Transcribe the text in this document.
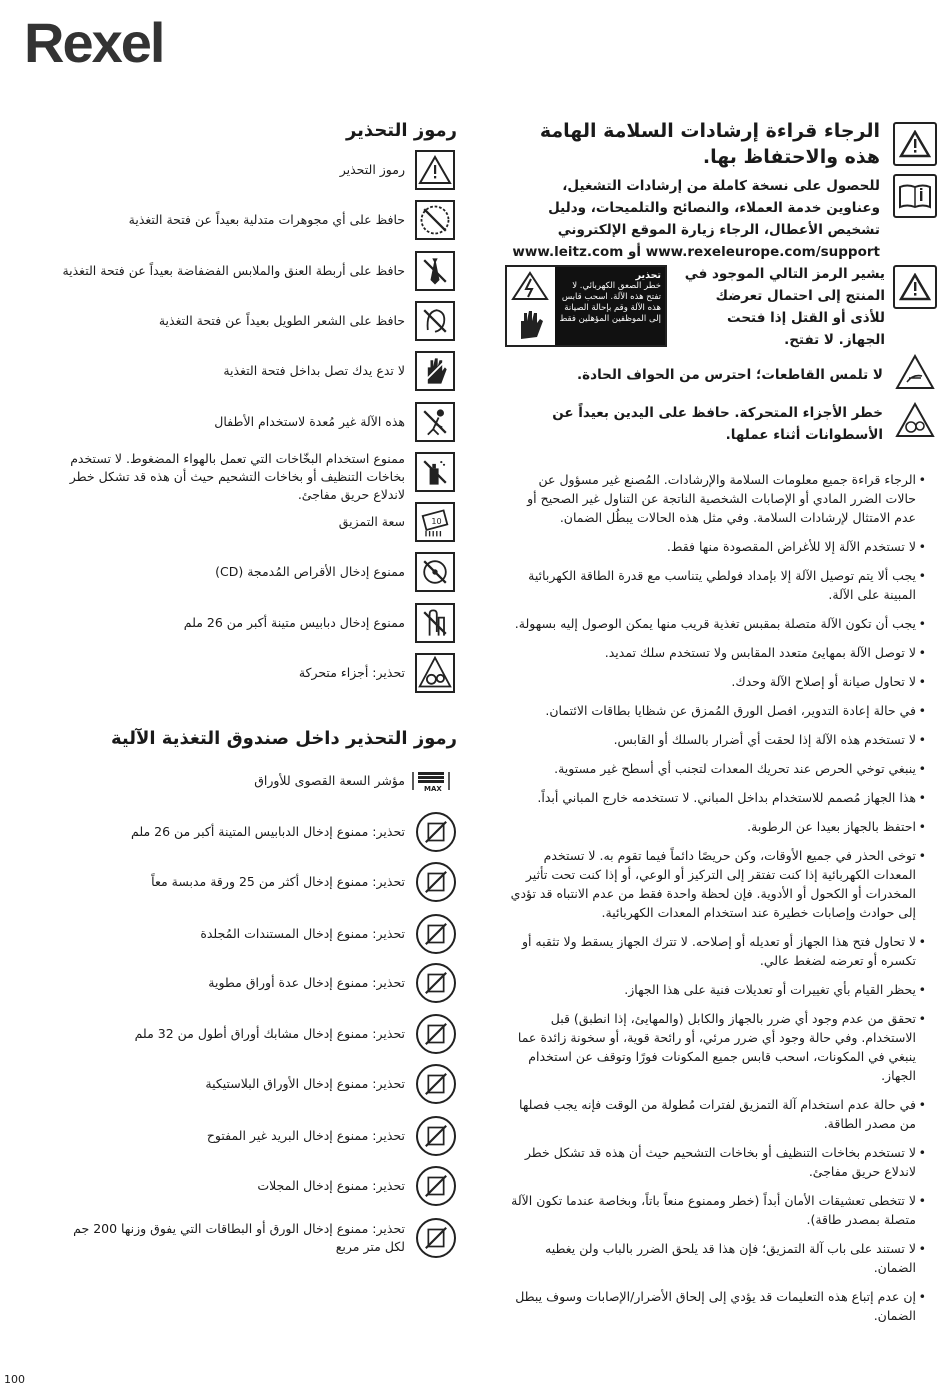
Rexel
الرجاء قراءة إرشادات السلامة الهامة هذه والاحتفاظ بها.
للحصول على نسخة كاملة من إرشادات التشغيل، وعناوين خدمة العملاء، والنصائح والتلميحات، ودليل تشخيص الأعطال، الرجاء زيارة الموقع الإلكتروني www.rexeleurope.com/support أو www.leitz.com
يشير الرمز التالي الموجود في المنتج إلى احتمال تعرضك للأذى أو القتل إذا فتحت الجهاز. لا تفتح.
تحذير
خطر الصعق الكهربائي. لا تفتح هذه الآلة. اسحب قابس هذه الآلة وقم بإحالة الصيانة إلى الموظفين المؤهلين فقط
لا تلمس القاطعات؛ احترس من الحواف الحادة.
خطر الأجزاء المتحركة. حافظ على اليدين بعيداً عن الأسطوانات أثناء عملها.

• الرجاء قراءة جميع معلومات السلامة والإرشادات. المُصنع غير مسؤول عن حالات الضرر المادي أو الإصابات الشخصية الناتجة عن التناول غير الصحيح أو عدم الامتثال لإرشادات السلامة. وفي مثل هذه الحالات يبطُل الضمان.

• لا تستخدم الآلة إلا للأغراض المقصودة منها فقط.

• يجب ألا يتم توصيل الآلة إلا بإمداد فولطي يتناسب مع قدرة الطاقة الكهربائية المبينة على الآلة.

• يجب أن تكون الآلة متصلة بمقبس تغذية قريب منها يمكن الوصول إليه بسهولة.

• لا توصل الآلة بمهايئ متعدد المقابس ولا تستخدم سلك تمديد.

• لا تحاول صيانة أو إصلاح الآلة وحدك.

• في حالة إعادة التدوير، افصل الورق المُمزق عن شظايا بطاقات الائتمان.

• لا تستخدم هذه الآلة إذا لحقت أي أضرار بالسلك أو القابس.

• ينبغي توخي الحرص عند تحريك المعدات لتجنب أي أسطح غير مستوية.

• هذا الجهاز مُصمم للاستخدام بداخل المباني. لا تستخدمه خارج المباني أبداً.

• احتفظ بالجهاز بعيدا عن الرطوبة.

• توخى الحذر في جميع الأوقات، وكن حريصًا دائماً فيما تقوم به. لا تستخدم المعدات الكهربائية إذا كنت تفتقر إلى التركيز أو الوعي، أو إذا كنت تحت تأثير المخدرات أو الكحول أو الأدوية. فإن لحظة واحدة فقط من عدم الانتباه قد تؤدي إلى حوادث وإصابات خطيرة عند استخدام المعدات الكهربائية.

• لا تحاول فتح هذا الجهاز أو تعديله أو إصلاحه. لا تترك الجهاز يسقط ولا تثقبه أو تكسره أو تعرضه لضغط عالي.

• يحظر القيام بأي تغييرات أو تعديلات فنية على هذا الجهاز.

• تحقق من عدم وجود أي ضرر بالجهاز والكابل (والمهايئ، إذا انطبق) قبل الاستخدام. وفي حالة وجود أي ضرر مرئي، أو رائحة قوية، أو سخونة زائدة عما ينبغي في المكونات، اسحب قابس جميع المكونات فورًا وتوقف عن استخدام الجهاز.

• في حالة عدم استخدام آلة التمزيق لفترات مُطولة من الوقت فإنه يجب فصلها من مصدر الطاقة.

• لا تستخدم بخاخات التنظيف أو بخاخات التشحيم حيث أن هذه قد تشكل خطر لاندلاع حريق مفاجئ.

• لا تتخطى تعشيقات الأمان أبداً (خطر وممنوع منعاً باتاً، وبخاصة عندما تكون الآلة متصلة بمصدر طاقة).

• لا تستند على باب آلة التمزيق؛ فإن هذا قد يلحق الضرر بالباب ولن يغطيه الضمان.

• إن عدم إتباع هذه التعليمات قد يؤدي إلى إلحاق الأضرار/الإصابات وسوف يبطل الضمان.

رموز التحذير
رموز التحذير
حافظ على أي مجوهرات متدلية بعيداً عن فتحة التغذية
حافظ على أربطة العنق والملابس الفضفاضة بعيداً عن فتحة التغذية
حافظ على الشعر الطويل بعيداً عن فتحة التغذية
لا تدع يدك تصل بداخل فتحة التغذية
هذه الآلة غير مُعدة لاستخدام الأطفال
ممنوع استخدام البخّاخات التي تعمل بالهواء المضغوط. لا تستخدم بخاخات التنظيف أو بخاخات التشحيم حيث أن هذه قد تشكل خطر لاندلاع حريق مفاجئ.
10
سعة التمزيق
ممنوع إدخال الأقراص المُدمجة (CD)
ممنوع إدخال دبابيس متينة أكبر من 26 ملم
تحذير: أجزاء متحركة
رموز التحذير داخل صندوق التغذية الآلية
MAX
مؤشر السعة القصوى للأوراق
تحذير: ممنوع إدخال الدبابيس المتينة أكبر من 26 ملم
تحذير: ممنوع إدخال أكثر من 25 ورقة مدبسة معاً
تحذير: ممنوع إدخال المستندات المُجلدة
تحذير: ممنوع إدخال عدة أوراق مطوية
تحذير: ممنوع إدخال مشابك أوراق أطول من 32 ملم
تحذير: ممنوع إدخال الأوراق البلاستيكية
تحذير: ممنوع إدخال البريد غير المفتوح
تحذير: ممنوع إدخال المجلات
تحذير: ممنوع إدخال الورق أو البطاقات التي يفوق وزنها 200 جم لكل متر مربع
100
